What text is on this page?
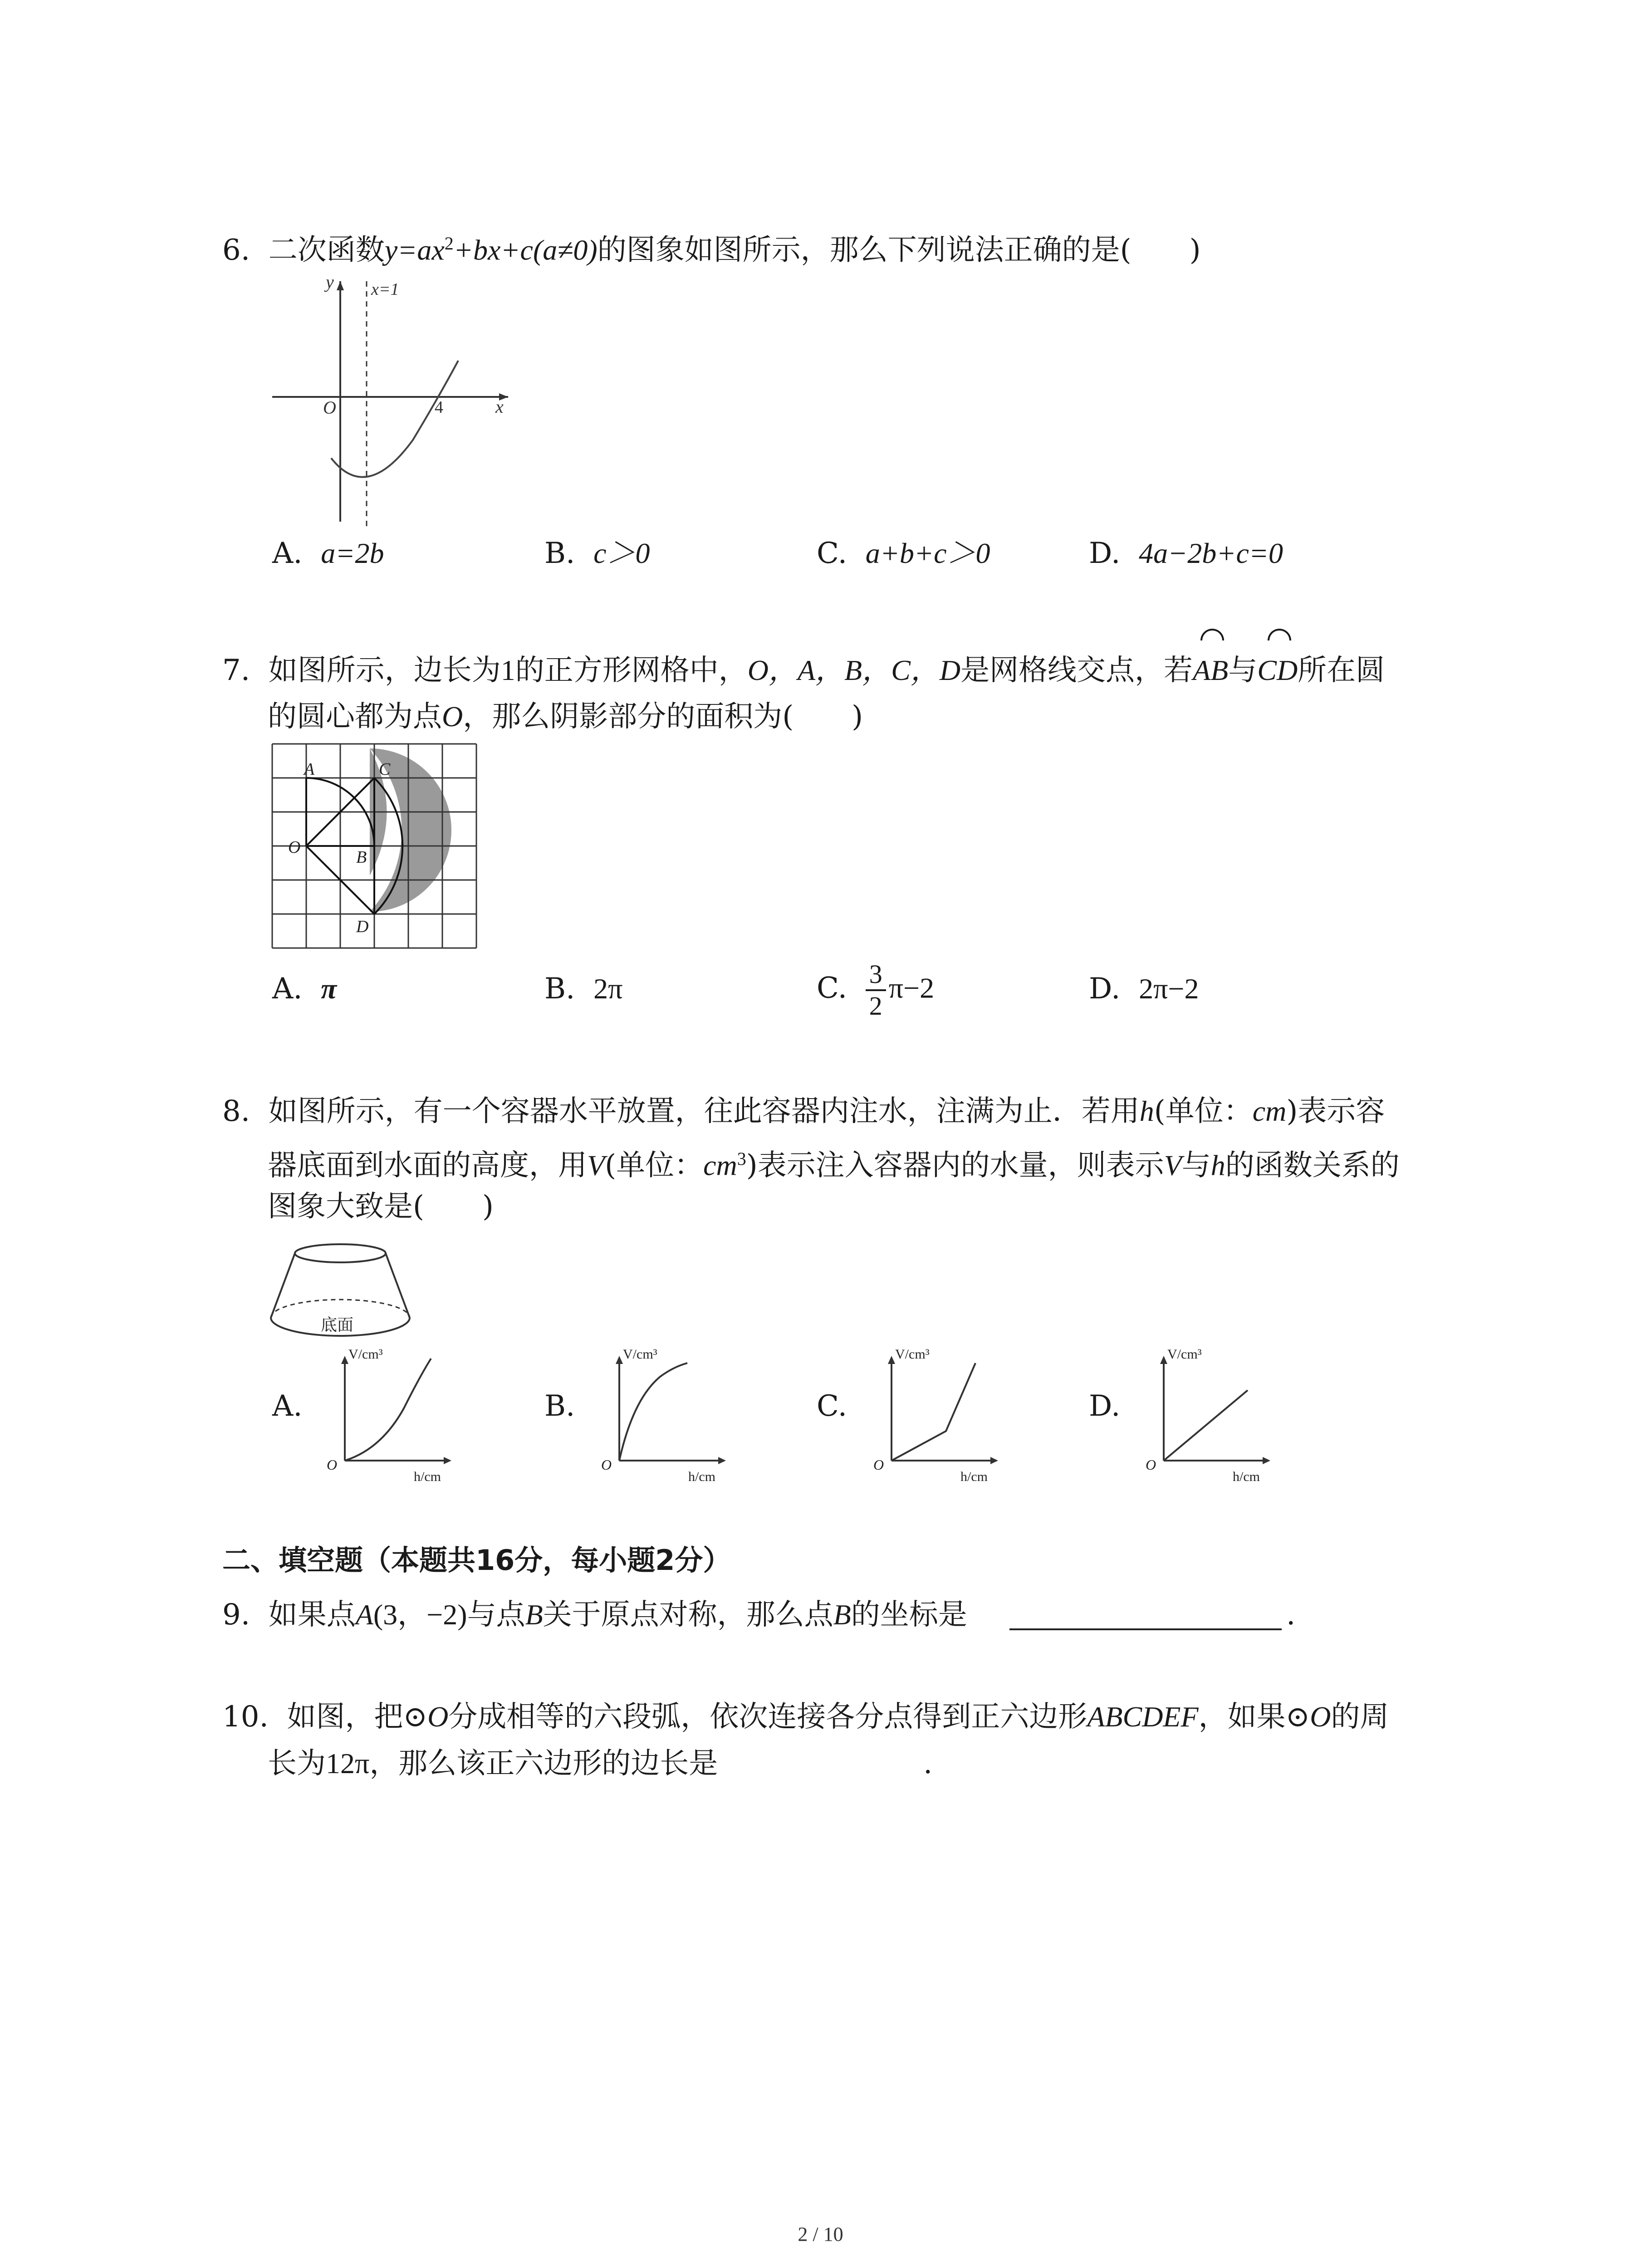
6. 二次函数$y=ax^2+bx+c(a\ne 0)$的图象如图所示，那么下列说法正确的是(　　)
y x=1
O	x
4
A. a=2b	B. c＞0	C. a+b+c＞0	D. 4a−2b+c=0
7. 如图所示，边长为1的正方形网格中，O，A，B，C，D是网格线交点，若AB与CD所在圆
的圆心都为点O，那么阴影部分的面积为(　　)
A	C
O
B
D
A. π	B. 2π	C. $\frac{3}{2} \pi-2$	D. 2π−2
8. 如图所示，有一个容器水平放置，往此容器内注水，注满为止．若用h(单位：cm)表示容
器底面到水面的高度，用V(单位：$cm^3$)表示注入容器内的水量，则表示V与h的函数关系的
图象大致是(　　)
底面
A.
V/cm³
h/cm
O
B.
V/cm³
h/cm
O
C.
V/cm³
h/cm
O
D.
V/cm³
h/cm
O
二、填空题（本题共16分，每小题2分）
9. 如果点A(3，−2)与点B关于原点对称，那么点B的坐标是	.
10. 如图，把⊙O分成相等的六段弧，依次连接各分点得到正六边形ABCDEF，如果⊙O的周
长为12π，那么该正六边形的边长是	.
2 / 10
